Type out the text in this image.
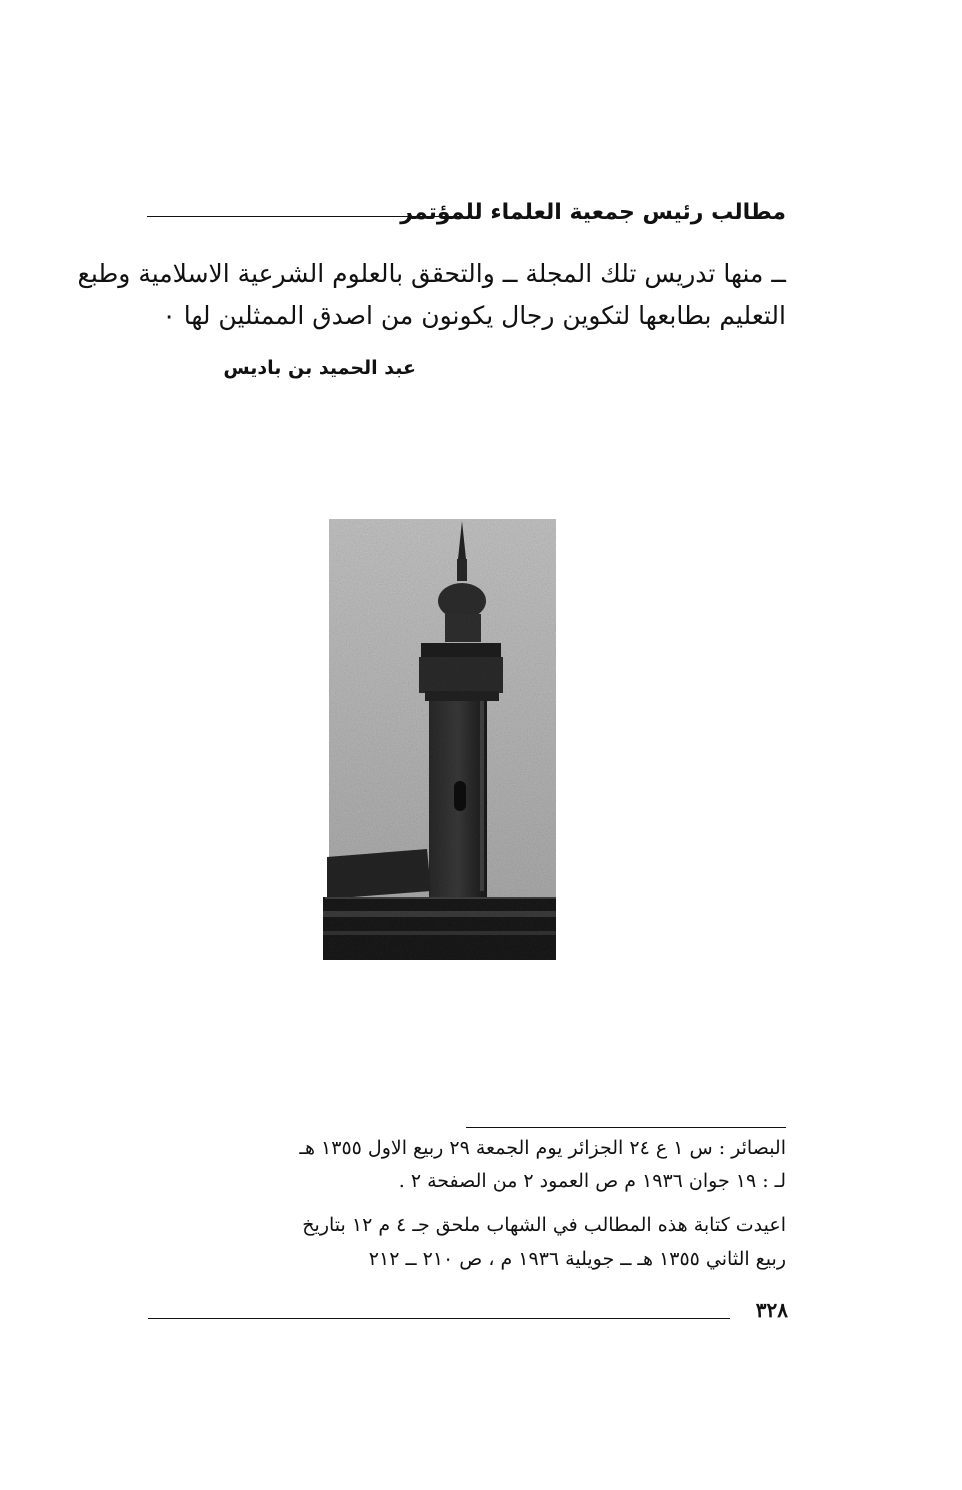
مطالب رئيس جمعية العلماء للمؤتمر
ــ منها تدريس تلك المجلة ــ والتحقق بالعلوم الشرعية الاسلامية وطبع
التعليم بطابعها لتكوين رجال يكونون من اصدق الممثلين لها ٠
عبد الحميد بن باديس
البصائر : س ١ ع ٢٤ الجزائر يوم الجمعة ٢٩ ربيع الاول ١٣٥٥ هـ
لـ : ١٩ جوان ١٩٣٦ م ص العمود ٢ من الصفحة ٢ .
اعيدت كتابة هذه المطالب في الشهاب ملحق جـ ٤ م ١٢ بتاريخ
ربيع الثاني ١٣٥٥ هـ ــ جويلية ١٩٣٦ م ، ص ٢١٠ ــ ٢١٢
٣٢٨
